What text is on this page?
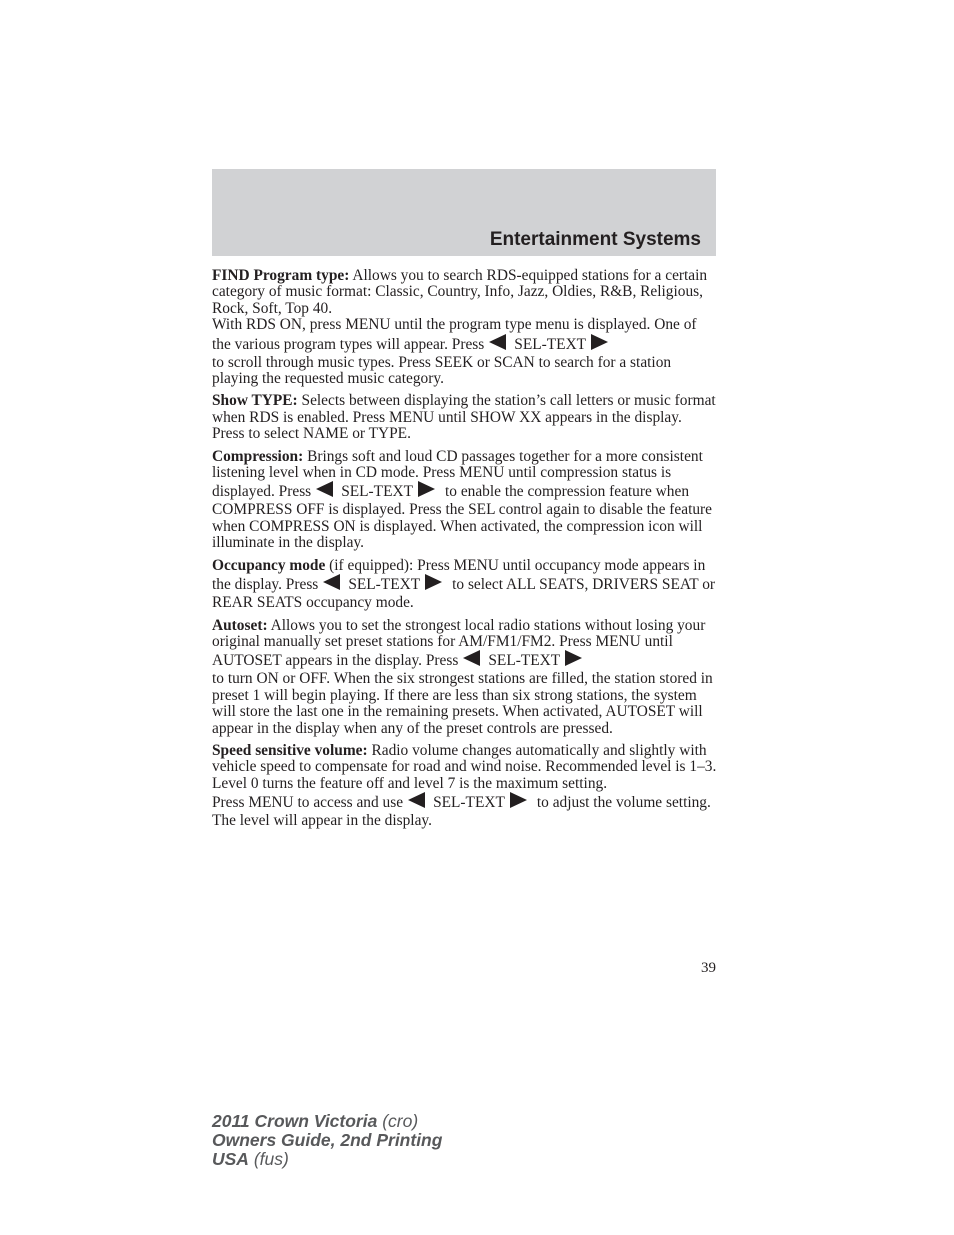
Entertainment Systems

FIND Program type: Allows you to search RDS-equipped stations for a certain category of music format: Classic, Country, Info, Jazz, Oldies, R&B, Religious, Rock, Soft, Top 40.

With RDS ON, press MENU until the program type menu is displayed. One of the various program types will appear. Press SEL-TEXT
to scroll through music types. Press SEEK or SCAN to search for a station playing the requested music category.

Show TYPE: Selects between displaying the station’s call letters or music format when RDS is enabled. Press MENU until SHOW XX appears in the display. Press to select NAME or TYPE.

Compression: Brings soft and loud CD passages together for a more consistent listening level when in CD mode. Press MENU until compression status is displayed. Press SEL-TEXT to enable the compression feature when COMPRESS OFF is displayed. Press the SEL control again to disable the feature when COMPRESS ON is displayed. When activated, the compression icon will illuminate in the display.

Occupancy mode (if equipped): Press MENU until occupancy mode appears in the display. Press SEL-TEXT to select ALL SEATS, DRIVERS SEAT or REAR SEATS occupancy mode.

Autoset: Allows you to set the strongest local radio stations without losing your original manually set preset stations for AM/FM1/FM2. Press MENU until AUTOSET appears in the display. Press SEL-TEXT
to turn ON or OFF. When the six strongest stations are filled, the station stored in preset 1 will begin playing. If there are less than six strong stations, the system will store the last one in the remaining presets. When activated, AUTOSET will appear in the display when any of the preset controls are pressed.

Speed sensitive volume: Radio volume changes automatically and slightly with vehicle speed to compensate for road and wind noise. Recommended level is 1–3. Level 0 turns the feature off and level 7 is the maximum setting.

Press MENU to access and use SEL-TEXT to adjust the volume setting. The level will appear in the display.

39
2011 Crown Victoria (cro)
Owners Guide, 2nd Printing
USA (fus)
